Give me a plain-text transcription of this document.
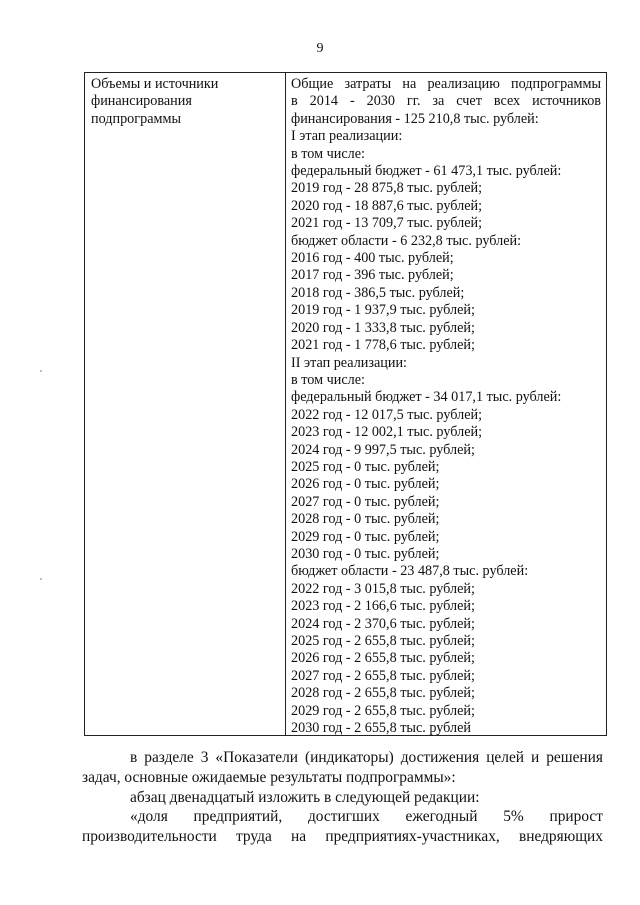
9
Объемы и источники
финансирования
подпрограммы
Общие затраты на реализацию подпрограммы
в 2014 - 2030 гг. за счет всех источников
финансирования - 125 210,8 тыс. рублей:
I этап реализации:
в том числе:
федеральный бюджет - 61 473,1 тыс. рублей:
2019 год - 28 875,8 тыс. рублей;
2020 год - 18 887,6 тыс. рублей;
2021 год - 13 709,7 тыс. рублей;
бюджет области - 6 232,8 тыс. рублей:
2016 год - 400 тыс. рублей;
2017 год - 396 тыс. рублей;
2018 год - 386,5 тыс. рублей;
2019 год - 1 937,9 тыс. рублей;
2020 год - 1 333,8 тыс. рублей;
2021 год - 1 778,6 тыс. рублей;
II этап реализации:
в том числе:
федеральный бюджет - 34 017,1 тыс. рублей:
2022 год - 12 017,5 тыс. рублей;
2023 год - 12 002,1 тыс. рублей;
2024 год - 9 997,5 тыс. рублей;
2025 год - 0 тыс. рублей;
2026 год - 0 тыс. рублей;
2027 год - 0 тыс. рублей;
2028 год - 0 тыс. рублей;
2029 год - 0 тыс. рублей;
2030 год - 0 тыс. рублей;
бюджет области - 23 487,8 тыс. рублей:
2022 год - 3 015,8 тыс. рублей;
2023 год - 2 166,6 тыс. рублей;
2024 год - 2 370,6 тыс. рублей;
2025 год - 2 655,8 тыс. рублей;
2026 год - 2 655,8 тыс. рублей;
2027 год - 2 655,8 тыс. рублей;
2028 год - 2 655,8 тыс. рублей;
2029 год - 2 655,8 тыс. рублей;
2030 год - 2 655,8 тыс. рублей
в разделе 3 «Показатели (индикаторы) достижения целей и решения задач, основные ожидаемые результаты подпрограммы»:
абзац двенадцатый изложить в следующей редакции:
«доля предприятий, достигших ежегодный 5% прирост производительности труда на предприятиях-участниках, внедряющих
